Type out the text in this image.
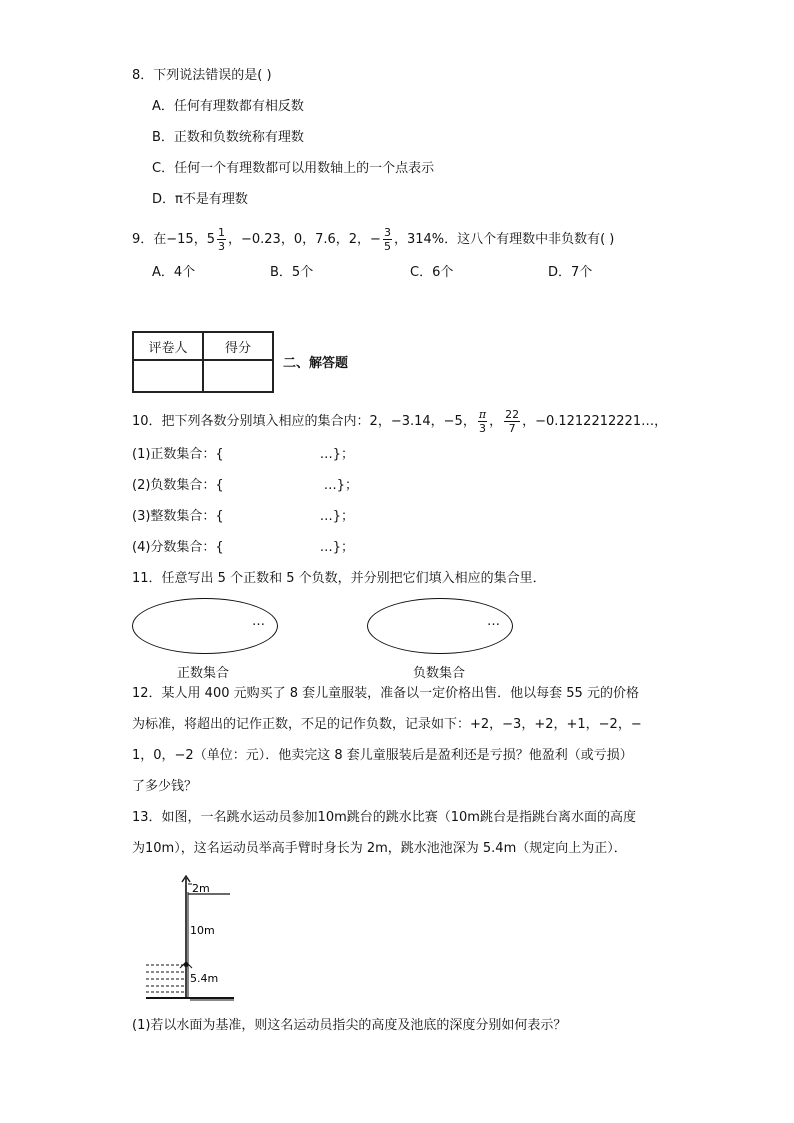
8．下列说法错误的是( )
A．任何有理数都有相反数
B．正数和负数统称有理数
C．任何一个有理数都可以用数轴上的一个点表示
D．π不是有理数
9．在−15，$5 \frac{1}{3}$ ，−0.23，0，7.6，2，− $\frac{3}{5}$ ，314%．这八个有理数中非负数有( )
A．4个	B．5个	C．6个	D．7个
评卷人	得分

二、解答题
10．把下列各数分别填入相应的集合内：2，−3.14，−5， $\frac{\pi}{3}$ ， $\frac{22}{7}$ ，−0.1212212221…，
(1)正数集合：{	…}；
(2)负数集合：{	…}；
(3)整数集合：{	…}；
(4)分数集合：{	…}；
11．任意写出 5 个正数和 5 个负数，并分别把它们填入相应的集合里．
…	…
正数集合	负数集合
12．某人用 400 元购买了 8 套儿童服装，准备以一定价格出售．他以每套 55 元的价格
为标准，将超出的记作正数，不足的记作负数，记录如下：+2，−3，+2，+1，−2，−
1，0，−2（单位：元）．他卖完这 8 套儿童服装后是盈利还是亏损？他盈利（或亏损）
了多少钱？
13．如图，一名跳水运动员参加10m跳台的跳水比赛（10m跳台是指跳台离水面的高度
为10m），这名运动员举高手臂时身长为 2m，跳水池池深为 5.4m（规定向上为正）．
2m
10m
5.4m
(1)若以水面为基准，则这名运动员指尖的高度及池底的深度分别如何表示？
